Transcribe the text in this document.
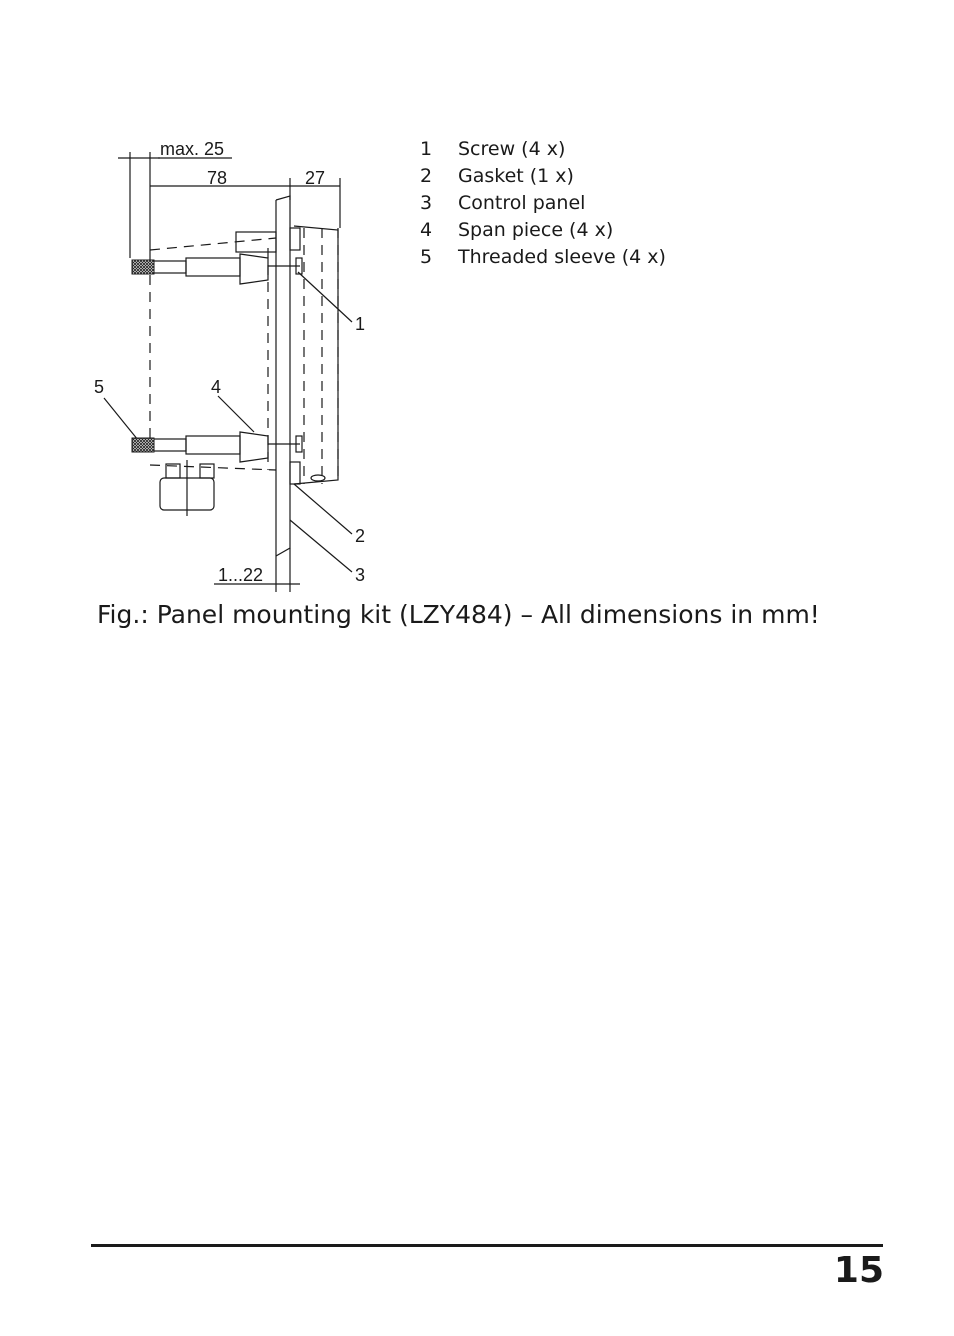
max. 25
78	27
1...22
1
2
3
4
5
1	Screw (4 x)
2	Gasket (1 x)
3	Control panel
4	Span piece (4 x)
5	Threaded sleeve (4 x)

Fig.: Panel mounting kit (LZY484) – All dimensions in mm!

15
